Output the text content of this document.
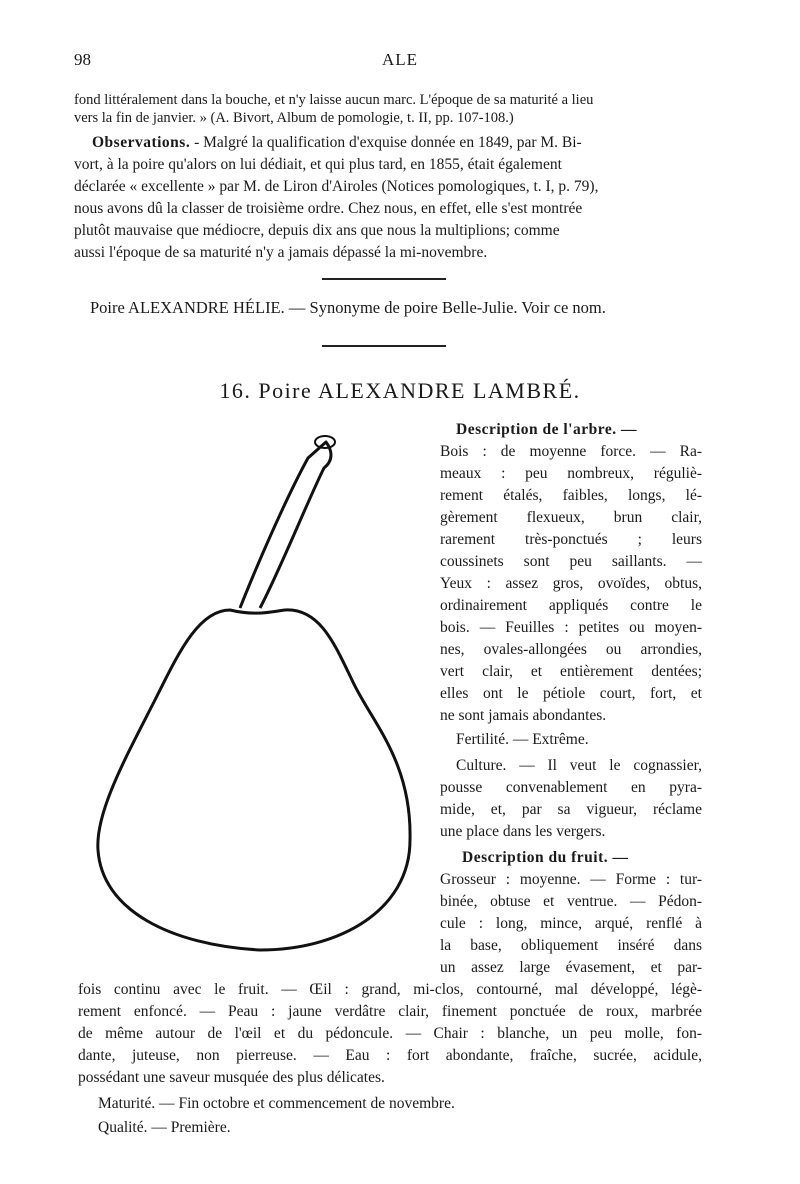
98	ALE
fond littéralement dans la bouche, et n'y laisse aucun marc. L'époque de sa maturité a lieu
vers la fin de janvier. » (A. Bivort, Album de pomologie, t. II, pp. 107-108.)
Observations. - Malgré la qualification d'exquise donnée en 1849, par M. Bi-
vort, à la poire qu'alors on lui dédiait, et qui plus tard, en 1855, était également
déclarée « excellente » par M. de Liron d'Airoles (Notices pomologiques, t. I, p. 79),
nous avons dû la classer de troisième ordre. Chez nous, en effet, elle s'est montrée
plutôt mauvaise que médiocre, depuis dix ans que nous la multiplions; comme
aussi l'époque de sa maturité n'y a jamais dépassé la mi-novembre.
Poire ALEXANDRE HÉLIE. — Synonyme de poire Belle-Julie. Voir ce nom.
16. Poire ALEXANDRE LAMBRÉ.
Description de l'arbre. —
Bois : de moyenne force. — Ra-
meaux : peu nombreux, réguliè-
rement étalés, faibles, longs, lé-
gèrement flexueux, brun clair,
rarement très-ponctués ; leurs
coussinets sont peu saillants. —
Yeux : assez gros, ovoïdes, obtus,
ordinairement appliqués contre le
bois. — Feuilles : petites ou moyen-
nes, ovales-allongées ou arrondies,
vert clair, et entièrement dentées;
elles ont le pétiole court, fort, et
ne sont jamais abondantes.
Fertilité. — Extrême.
Culture. — Il veut le cognassier,
pousse convenablement en pyra-
mide, et, par sa vigueur, réclame
une place dans les vergers.
Description du fruit. —
Grosseur : moyenne. — Forme : tur-
binée, obtuse et ventrue. — Pédon-
cule : long, mince, arqué, renflé à
la base, obliquement inséré dans
un assez large évasement, et par-
fois continu avec le fruit. — Œil : grand, mi-clos, contourné, mal développé, légè-
rement enfoncé. — Peau : jaune verdâtre clair, finement ponctuée de roux, marbrée
de même autour de l'œil et du pédoncule. — Chair : blanche, un peu molle, fon-
dante, juteuse, non pierreuse. — Eau : fort abondante, fraîche, sucrée, acidule,
possédant une saveur musquée des plus délicates.
Maturité. — Fin octobre et commencement de novembre.
Qualité. — Première.
